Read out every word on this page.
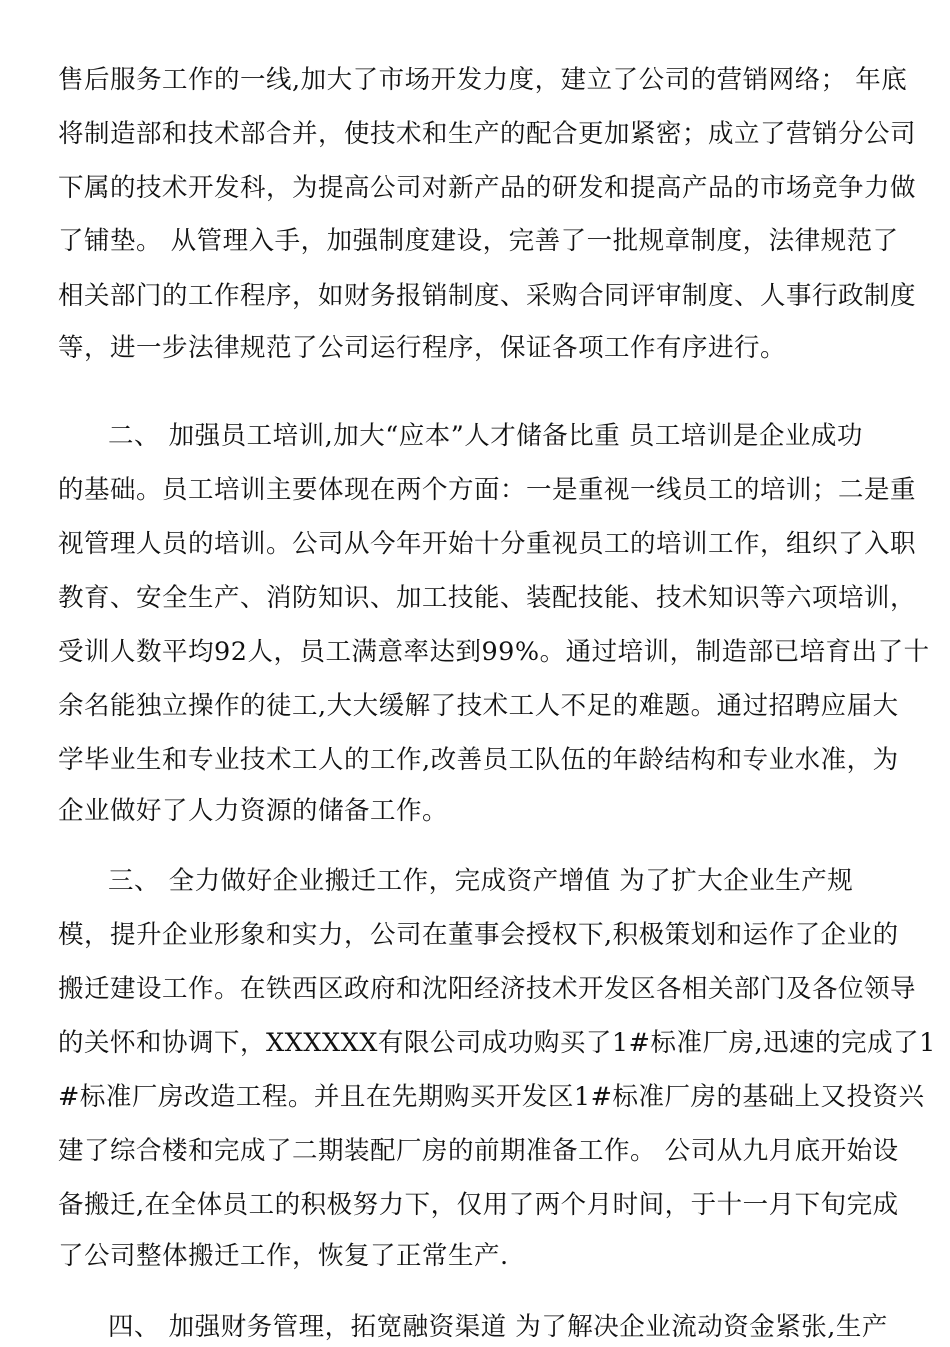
售后服务工作的一线,加大了市场开发力度，建立了公司的营销网络； 年底
将制造部和技术部合并，使技术和生产的配合更加紧密；成立了营销分公司
下属的技术开发科，为提高公司对新产品的研发和提高产品的市场竞争力做
了铺垫。 从管理入手，加强制度建设，完善了一批规章制度，法律规范了
相关部门的工作程序，如财务报销制度、采购合同评审制度、人事行政制度
等，进一步法律规范了公司运行程序，保证各项工作有序进行。
二、 加强员工培训,加大“应本”人才储备比重 员工培训是企业成功
的基础。员工培训主要体现在两个方面：一是重视一线员工的培训；二是重
视管理人员的培训。公司从今年开始十分重视员工的培训工作，组织了入职
教育、安全生产、消防知识、加工技能、装配技能、技术知识等六项培训，
受训人数平均92人，员工满意率达到99%。通过培训，制造部已培育出了十
余名能独立操作的徒工,大大缓解了技术工人不足的难题。通过招聘应届大
学毕业生和专业技术工人的工作,改善员工队伍的年龄结构和专业水准，为
企业做好了人力资源的储备工作。
三、 全力做好企业搬迁工作，完成资产增值 为了扩大企业生产规
模，提升企业形象和实力，公司在董事会授权下,积极策划和运作了企业的
搬迁建设工作。在铁西区政府和沈阳经济技术开发区各相关部门及各位领导
的关怀和协调下，XXXXXX有限公司成功购买了1#标准厂房,迅速的完成了1
#标准厂房改造工程。并且在先期购买开发区1#标准厂房的基础上又投资兴
建了综合楼和完成了二期装配厂房的前期准备工作。 公司从九月底开始设
备搬迁,在全体员工的积极努力下，仅用了两个月时间，于十一月下旬完成
了公司整体搬迁工作，恢复了正常生产.
四、 加强财务管理，拓宽融资渠道 为了解决企业流动资金紧张,生产
